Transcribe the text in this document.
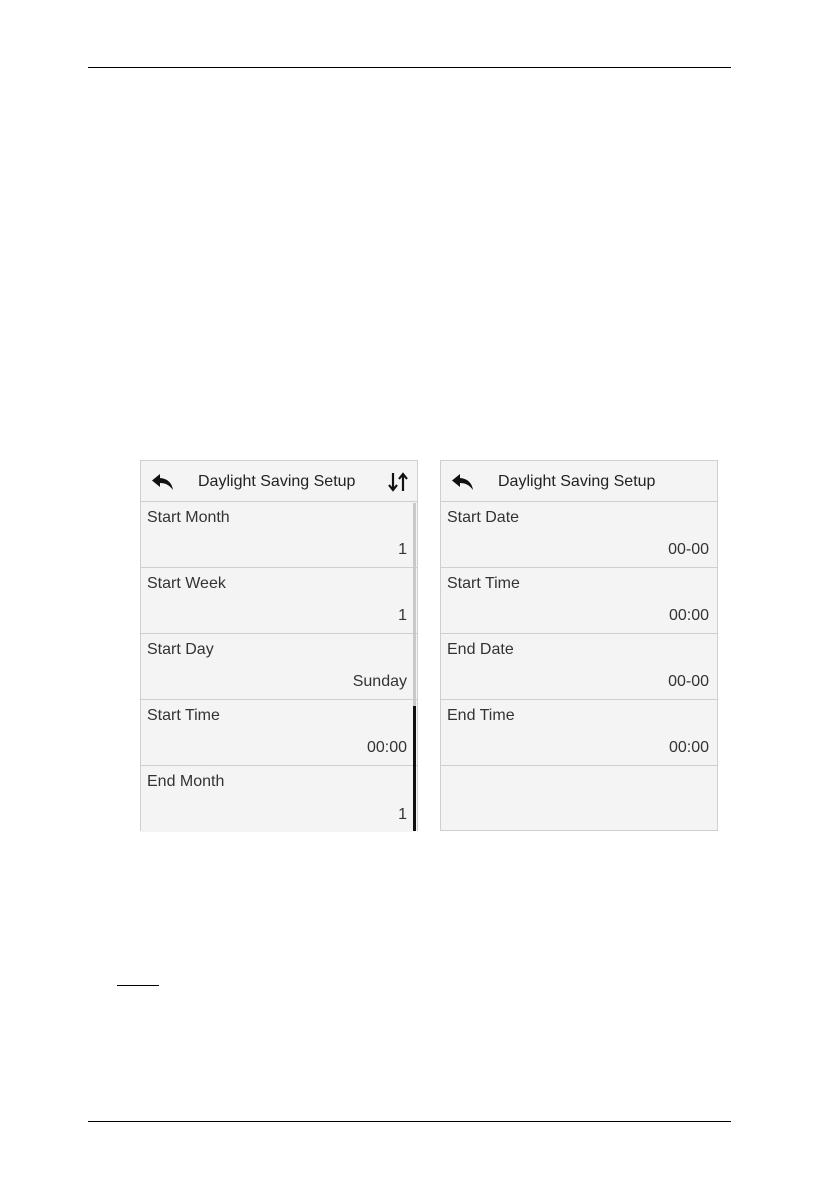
Daylight Saving Setup
Start Month
1
Start Week
1
Start Day
Sunday
Start Time
00:00
End Month
1
Daylight Saving Setup
Start Date
00-00
Start Time
00:00
End Date
00-00
End Time
00:00
